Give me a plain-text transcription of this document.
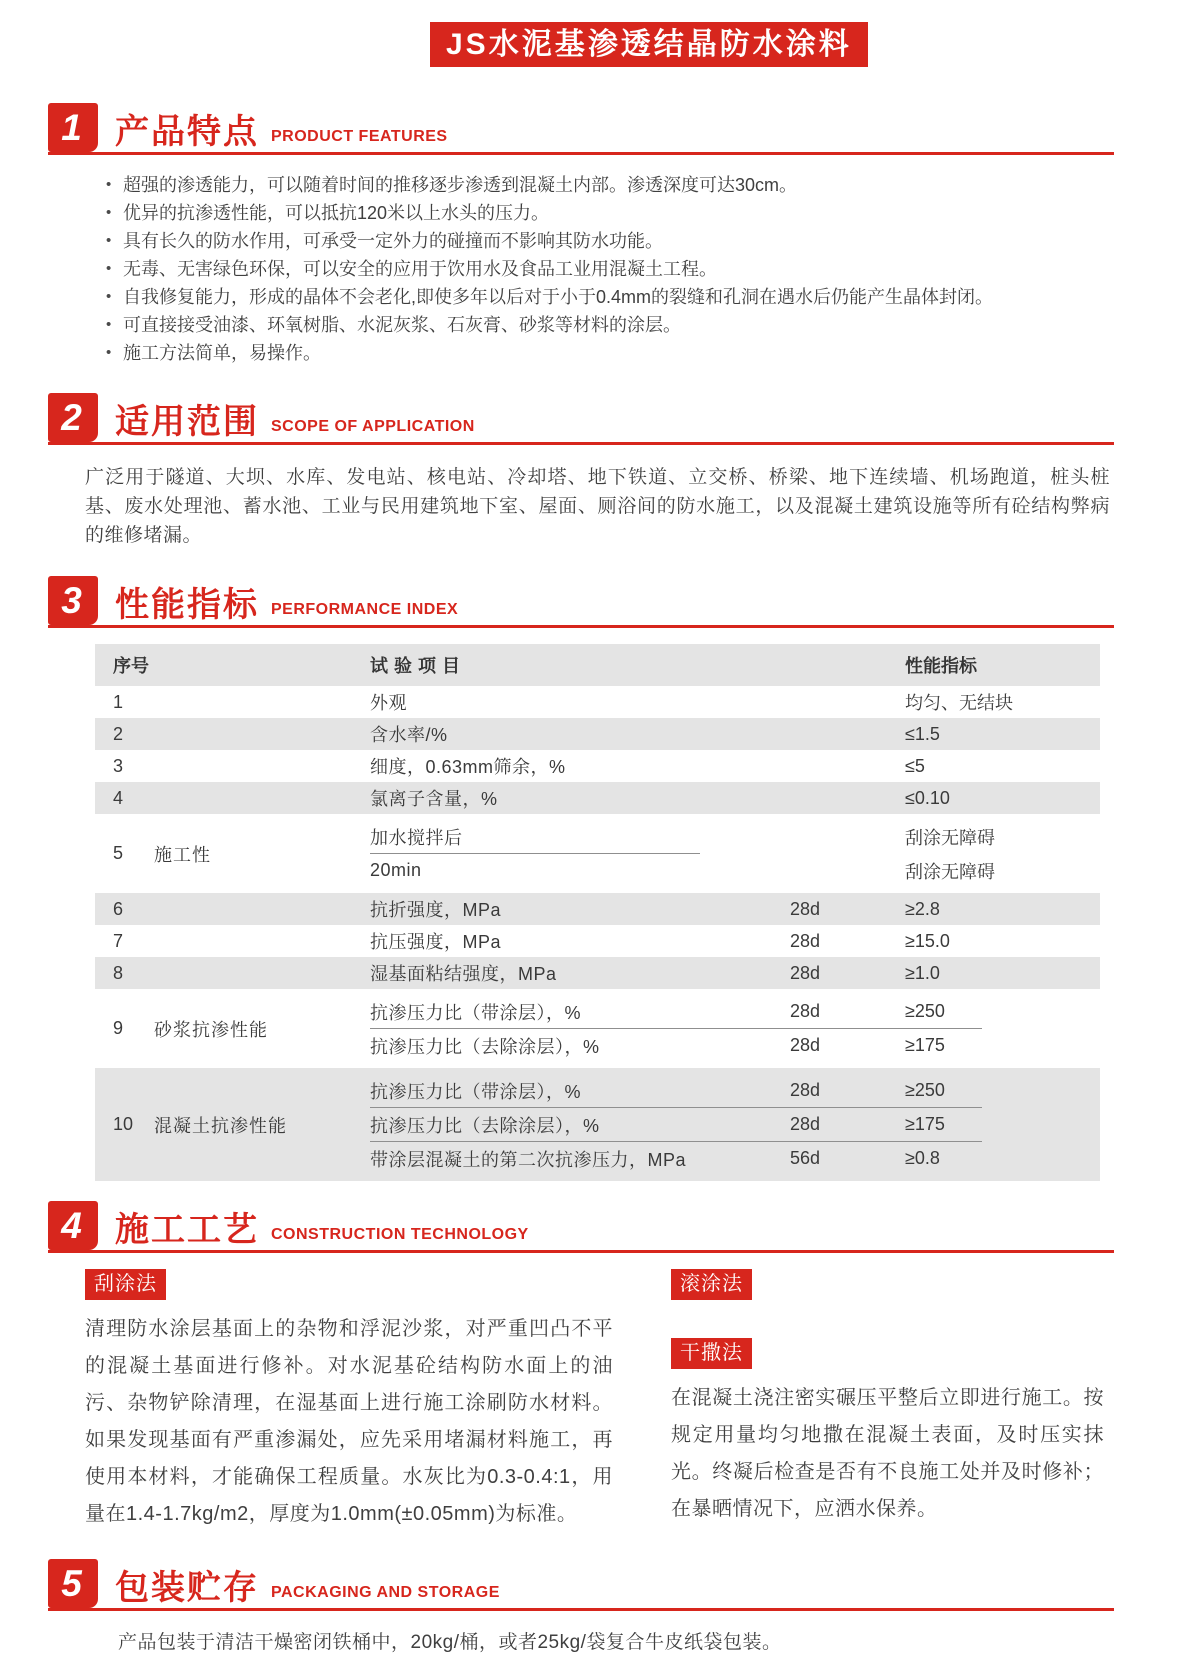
JS水泥基渗透结晶防水涂料
1 产品特点 PRODUCT FEATURES
• 超强的渗透能力，可以随着时间的推移逐步渗透到混凝土内部。渗透深度可达30cm。
• 优异的抗渗透性能，可以抵抗120米以上水头的压力。
• 具有长久的防水作用，可承受一定外力的碰撞而不影响其防水功能。
• 无毒、无害绿色环保，可以安全的应用于饮用水及食品工业用混凝土工程。
• 自我修复能力，形成的晶体不会老化,即使多年以后对于小于0.4mm的裂缝和孔洞在遇水后仍能产生晶体封闭。
• 可直接接受油漆、环氧树脂、水泥灰浆、石灰膏、砂浆等材料的涂层。
• 施工方法简单，易操作。
2 适用范围 SCOPE OF APPLICATION
广泛用于隧道、大坝、水库、发电站、核电站、冷却塔、地下铁道、立交桥、桥梁、地下连续墙、机场跑道，桩头桩基、废水处理池、蓄水池、工业与民用建筑地下室、屋面、厕浴间的防水施工，以及混凝土建筑设施等所有砼结构弊病的维修堵漏。
3 性能指标 PERFORMANCE INDEX
序号	试 验 项 目	性能指标
1	外观	均匀、无结块
2	含水率/%	≤1.5
3	细度，0.63mm筛余，%	≤5
4	氯离子含量，%	≤0.10
5	施工性
加水搅拌后	刮涂无障碍
20min	刮涂无障碍
6	抗折强度，MPa	28d	≥2.8
7	抗压强度，MPa	28d	≥15.0
8	湿基面粘结强度，MPa	28d	≥1.0
9	砂浆抗渗性能
抗渗压力比（带涂层），%	28d	≥250
抗渗压力比（去除涂层），%	28d	≥175
10	混凝土抗渗性能
抗渗压力比（带涂层），%	28d	≥250
抗渗压力比（去除涂层），%	28d	≥175
带涂层混凝土的第二次抗渗压力，MPa	56d	≥0.8
4 施工工艺 CONSTRUCTION TECHNOLOGY
刮涂法
清理防水涂层基面上的杂物和浮泥沙浆，对严重凹凸不平的混凝土基面进行修补。对水泥基砼结构防水面上的油污、杂物铲除清理，在湿基面上进行施工涂刷防水材料。如果发现基面有严重渗漏处，应先采用堵漏材料施工，再使用本材料，才能确保工程质量。水灰比为0.3-0.4:1，用量在1.4-1.7kg/m2，厚度为1.0mm(±0.05mm)为标准。
滚涂法
干撒法
在混凝土浇注密实碾压平整后立即进行施工。按规定用量均匀地撒在混凝土表面，及时压实抹光。终凝后检查是否有不良施工处并及时修补；在暴晒情况下，应洒水保养。
5 包装贮存 PACKAGING AND STORAGE
产品包装于清洁干燥密闭铁桶中，20kg/桶，或者25kg/袋复合牛皮纸袋包装。
